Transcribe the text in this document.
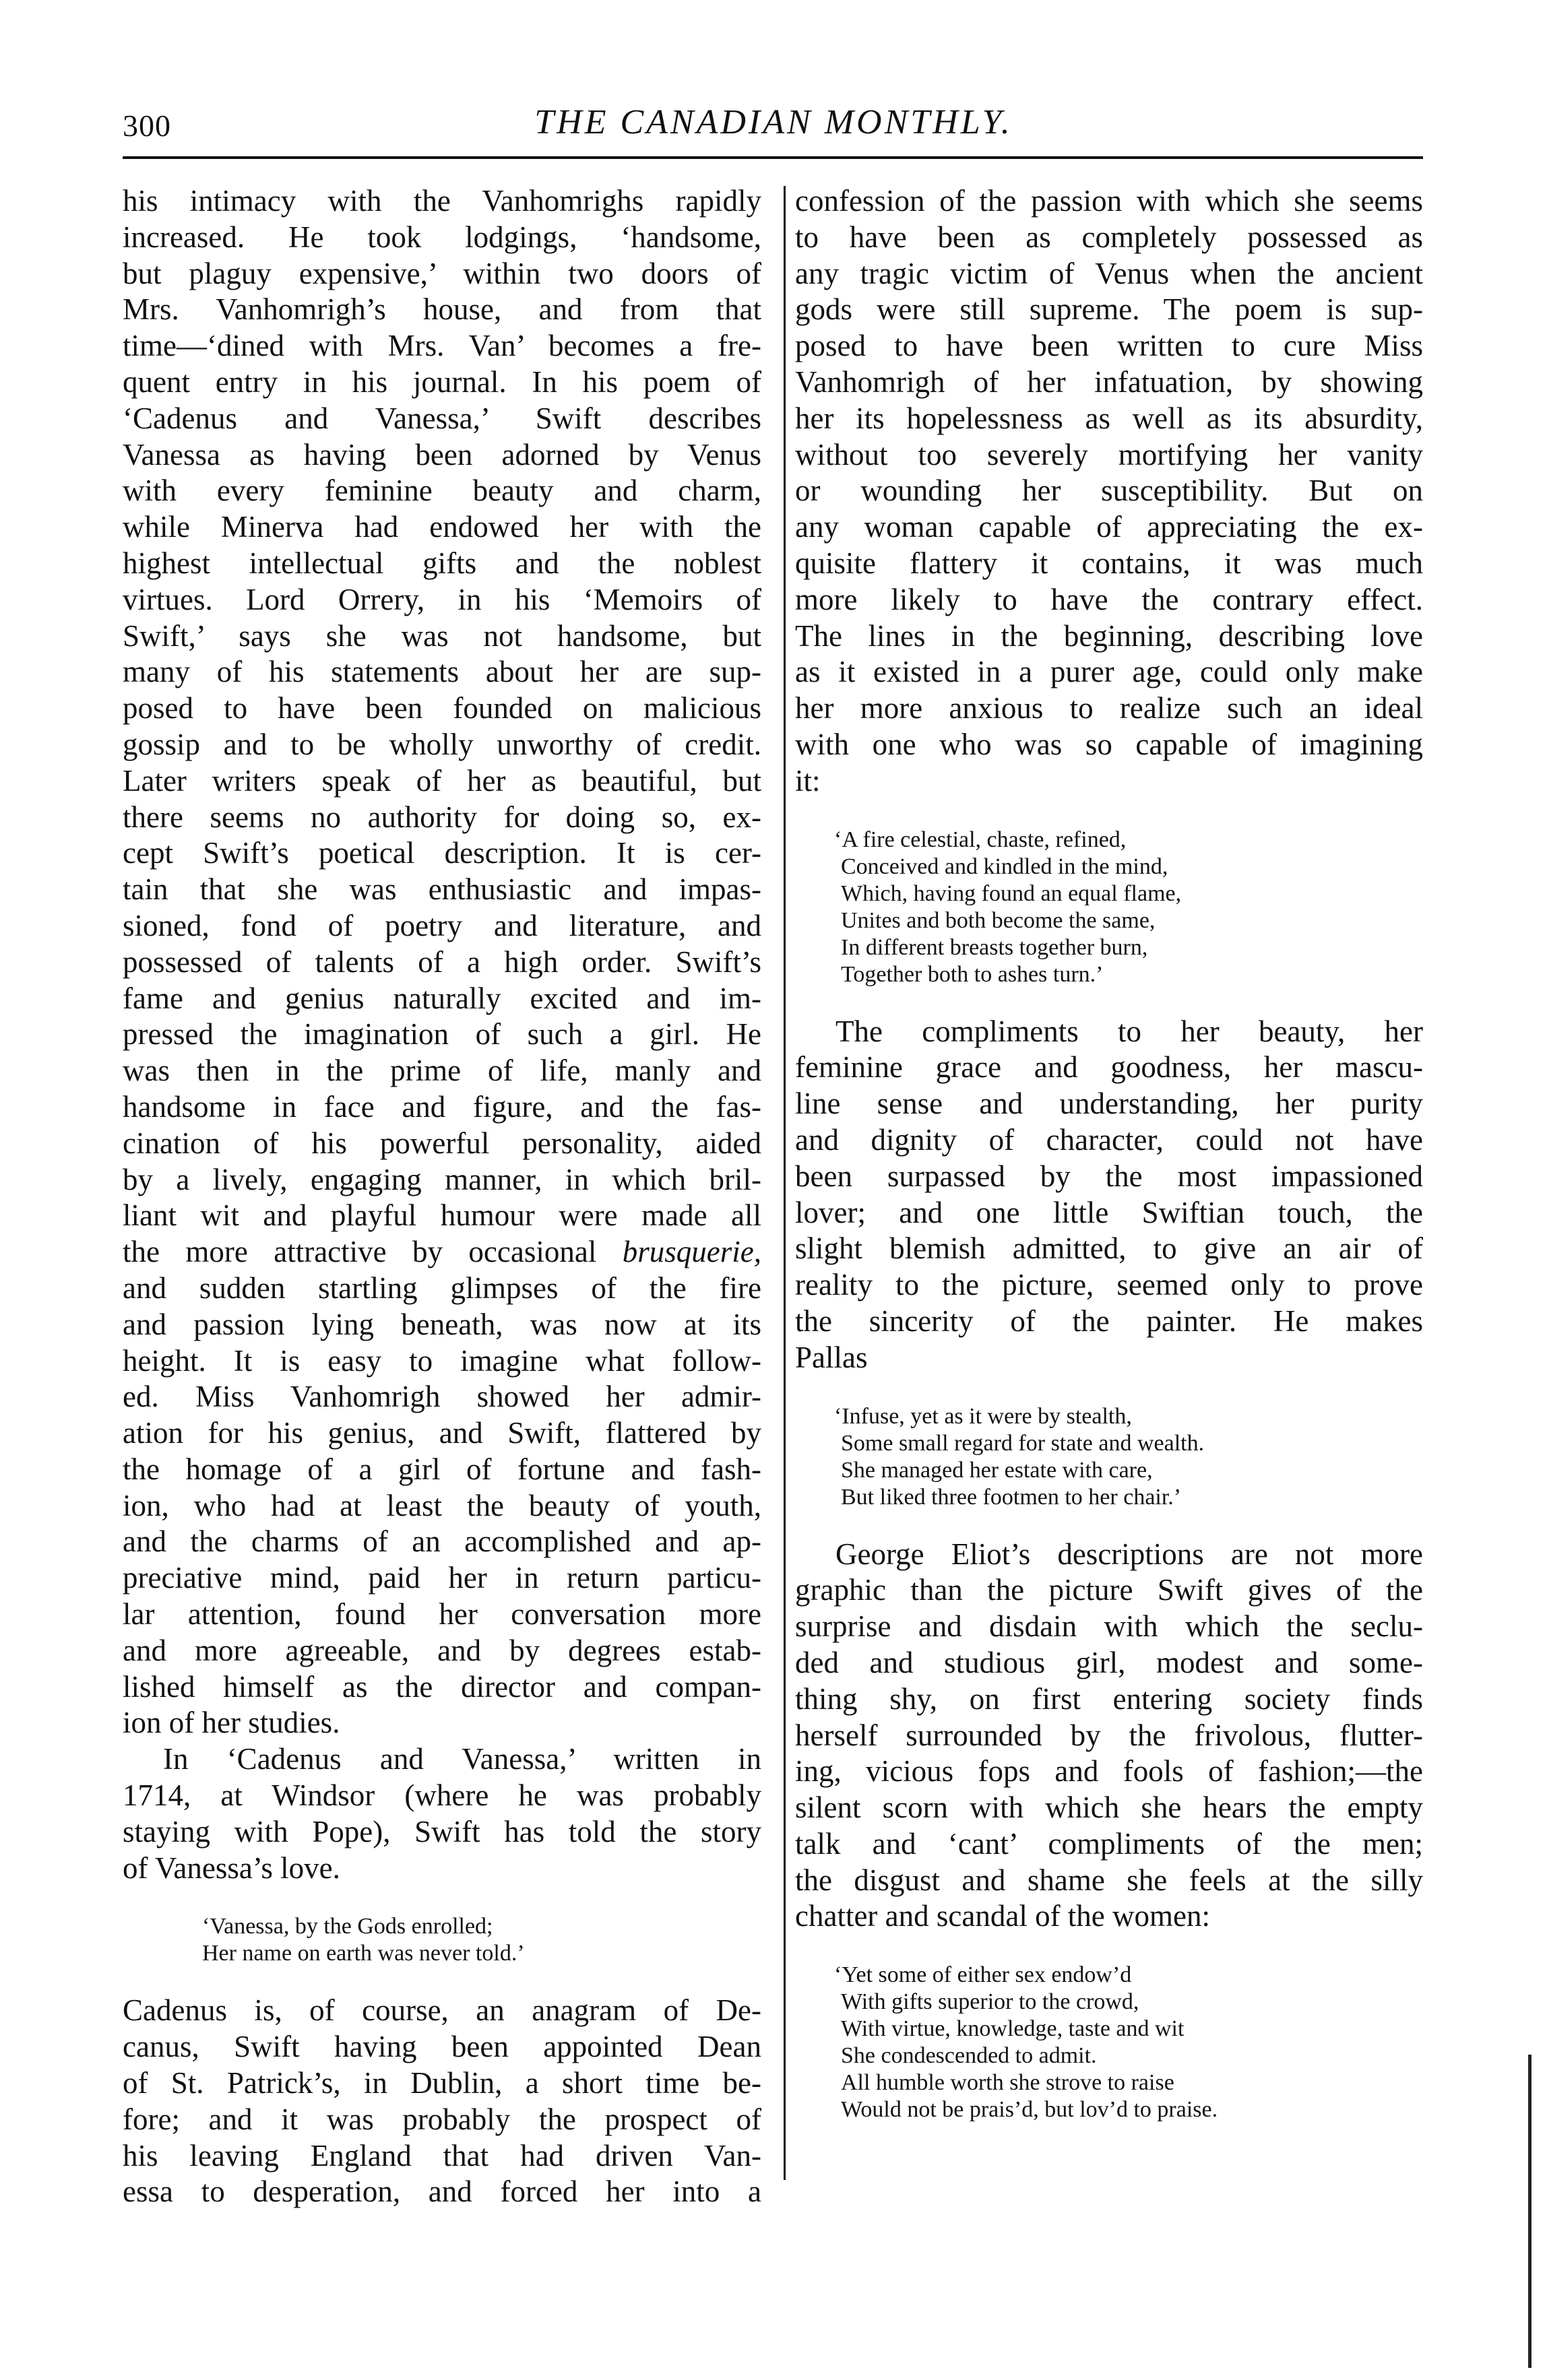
300	THE CANADIAN MONTHLY.
his intimacy with the Vanhomrighs rapidly
increased. He took lodgings, ‘handsome,
but plaguy expensive,’ within two doors of
Mrs. Vanhomrigh’s house, and from that
time—‘dined with Mrs. Van’ becomes a fre-
quent entry in his journal. In his poem of
‘Cadenus and Vanessa,’ Swift describes
Vanessa as having been adorned by Venus
with every feminine beauty and charm,
while Minerva had endowed her with the
highest intellectual gifts and the noblest
virtues. Lord Orrery, in his ‘Memoirs of
Swift,’ says she was not handsome, but
many of his statements about her are sup-
posed to have been founded on malicious
gossip and to be wholly unworthy of credit.
Later writers speak of her as beautiful, but
there seems no authority for doing so, ex-
cept Swift’s poetical description. It is cer-
tain that she was enthusiastic and impas-
sioned, fond of poetry and literature, and
possessed of talents of a high order. Swift’s
fame and genius naturally excited and im-
pressed the imagination of such a girl. He
was then in the prime of life, manly and
handsome in face and figure, and the fas-
cination of his powerful personality, aided
by a lively, engaging manner, in which bril-
liant wit and playful humour were made all
the more attractive by occasional brusquerie,
and sudden startling glimpses of the fire
and passion lying beneath, was now at its
height. It is easy to imagine what follow-
ed. Miss Vanhomrigh showed her admir-
ation for his genius, and Swift, flattered by
the homage of a girl of fortune and fash-
ion, who had at least the beauty of youth,
and the charms of an accomplished and ap-
preciative mind, paid her in return particu-
lar attention, found her conversation more
and more agreeable, and by degrees estab-
lished himself as the director and compan-
ion of her studies.
In ‘Cadenus and Vanessa,’ written in
1714, at Windsor (where he was probably
staying with Pope), Swift has told the story
of Vanessa’s love.
‘Vanessa, by the Gods enrolled;
Her name on earth was never told.’
Cadenus is, of course, an anagram of De-
canus, Swift having been appointed Dean
of St. Patrick’s, in Dublin, a short time be-
fore; and it was probably the prospect of
his leaving England that had driven Van-
essa to desperation, and forced her into a
confession of the passion with which she seems
to have been as completely possessed as
any tragic victim of Venus when the ancient
gods were still supreme. The poem is sup-
posed to have been written to cure Miss
Vanhomrigh of her infatuation, by showing
her its hopelessness as well as its absurdity,
without too severely mortifying her vanity
or wounding her susceptibility. But on
any woman capable of appreciating the ex-
quisite flattery it contains, it was much
more likely to have the contrary effect.
The lines in the beginning, describing love
as it existed in a purer age, could only make
her more anxious to realize such an ideal
with one who was so capable of imagining
it:
‘A fire celestial, chaste, refined,
Conceived and kindled in the mind,
Which, having found an equal flame,
Unites and both become the same,
In different breasts together burn,
Together both to ashes turn.’
The compliments to her beauty, her
feminine grace and goodness, her mascu-
line sense and understanding, her purity
and dignity of character, could not have
been surpassed by the most impassioned
lover; and one little Swiftian touch, the
slight blemish admitted, to give an air of
reality to the picture, seemed only to prove
the sincerity of the painter. He makes
Pallas
‘Infuse, yet as it were by stealth,
Some small regard for state and wealth.
She managed her estate with care,
But liked three footmen to her chair.’
George Eliot’s descriptions are not more
graphic than the picture Swift gives of the
surprise and disdain with which the seclu-
ded and studious girl, modest and some-
thing shy, on first entering society finds
herself surrounded by the frivolous, flutter-
ing, vicious fops and fools of fashion;—the
silent scorn with which she hears the empty
talk and ‘cant’ compliments of the men;
the disgust and shame she feels at the silly
chatter and scandal of the women:
‘Yet some of either sex endow’d
With gifts superior to the crowd,
With virtue, knowledge, taste and wit
She condescended to admit.
All humble worth she strove to raise
Would not be prais’d, but lov’d to praise.
